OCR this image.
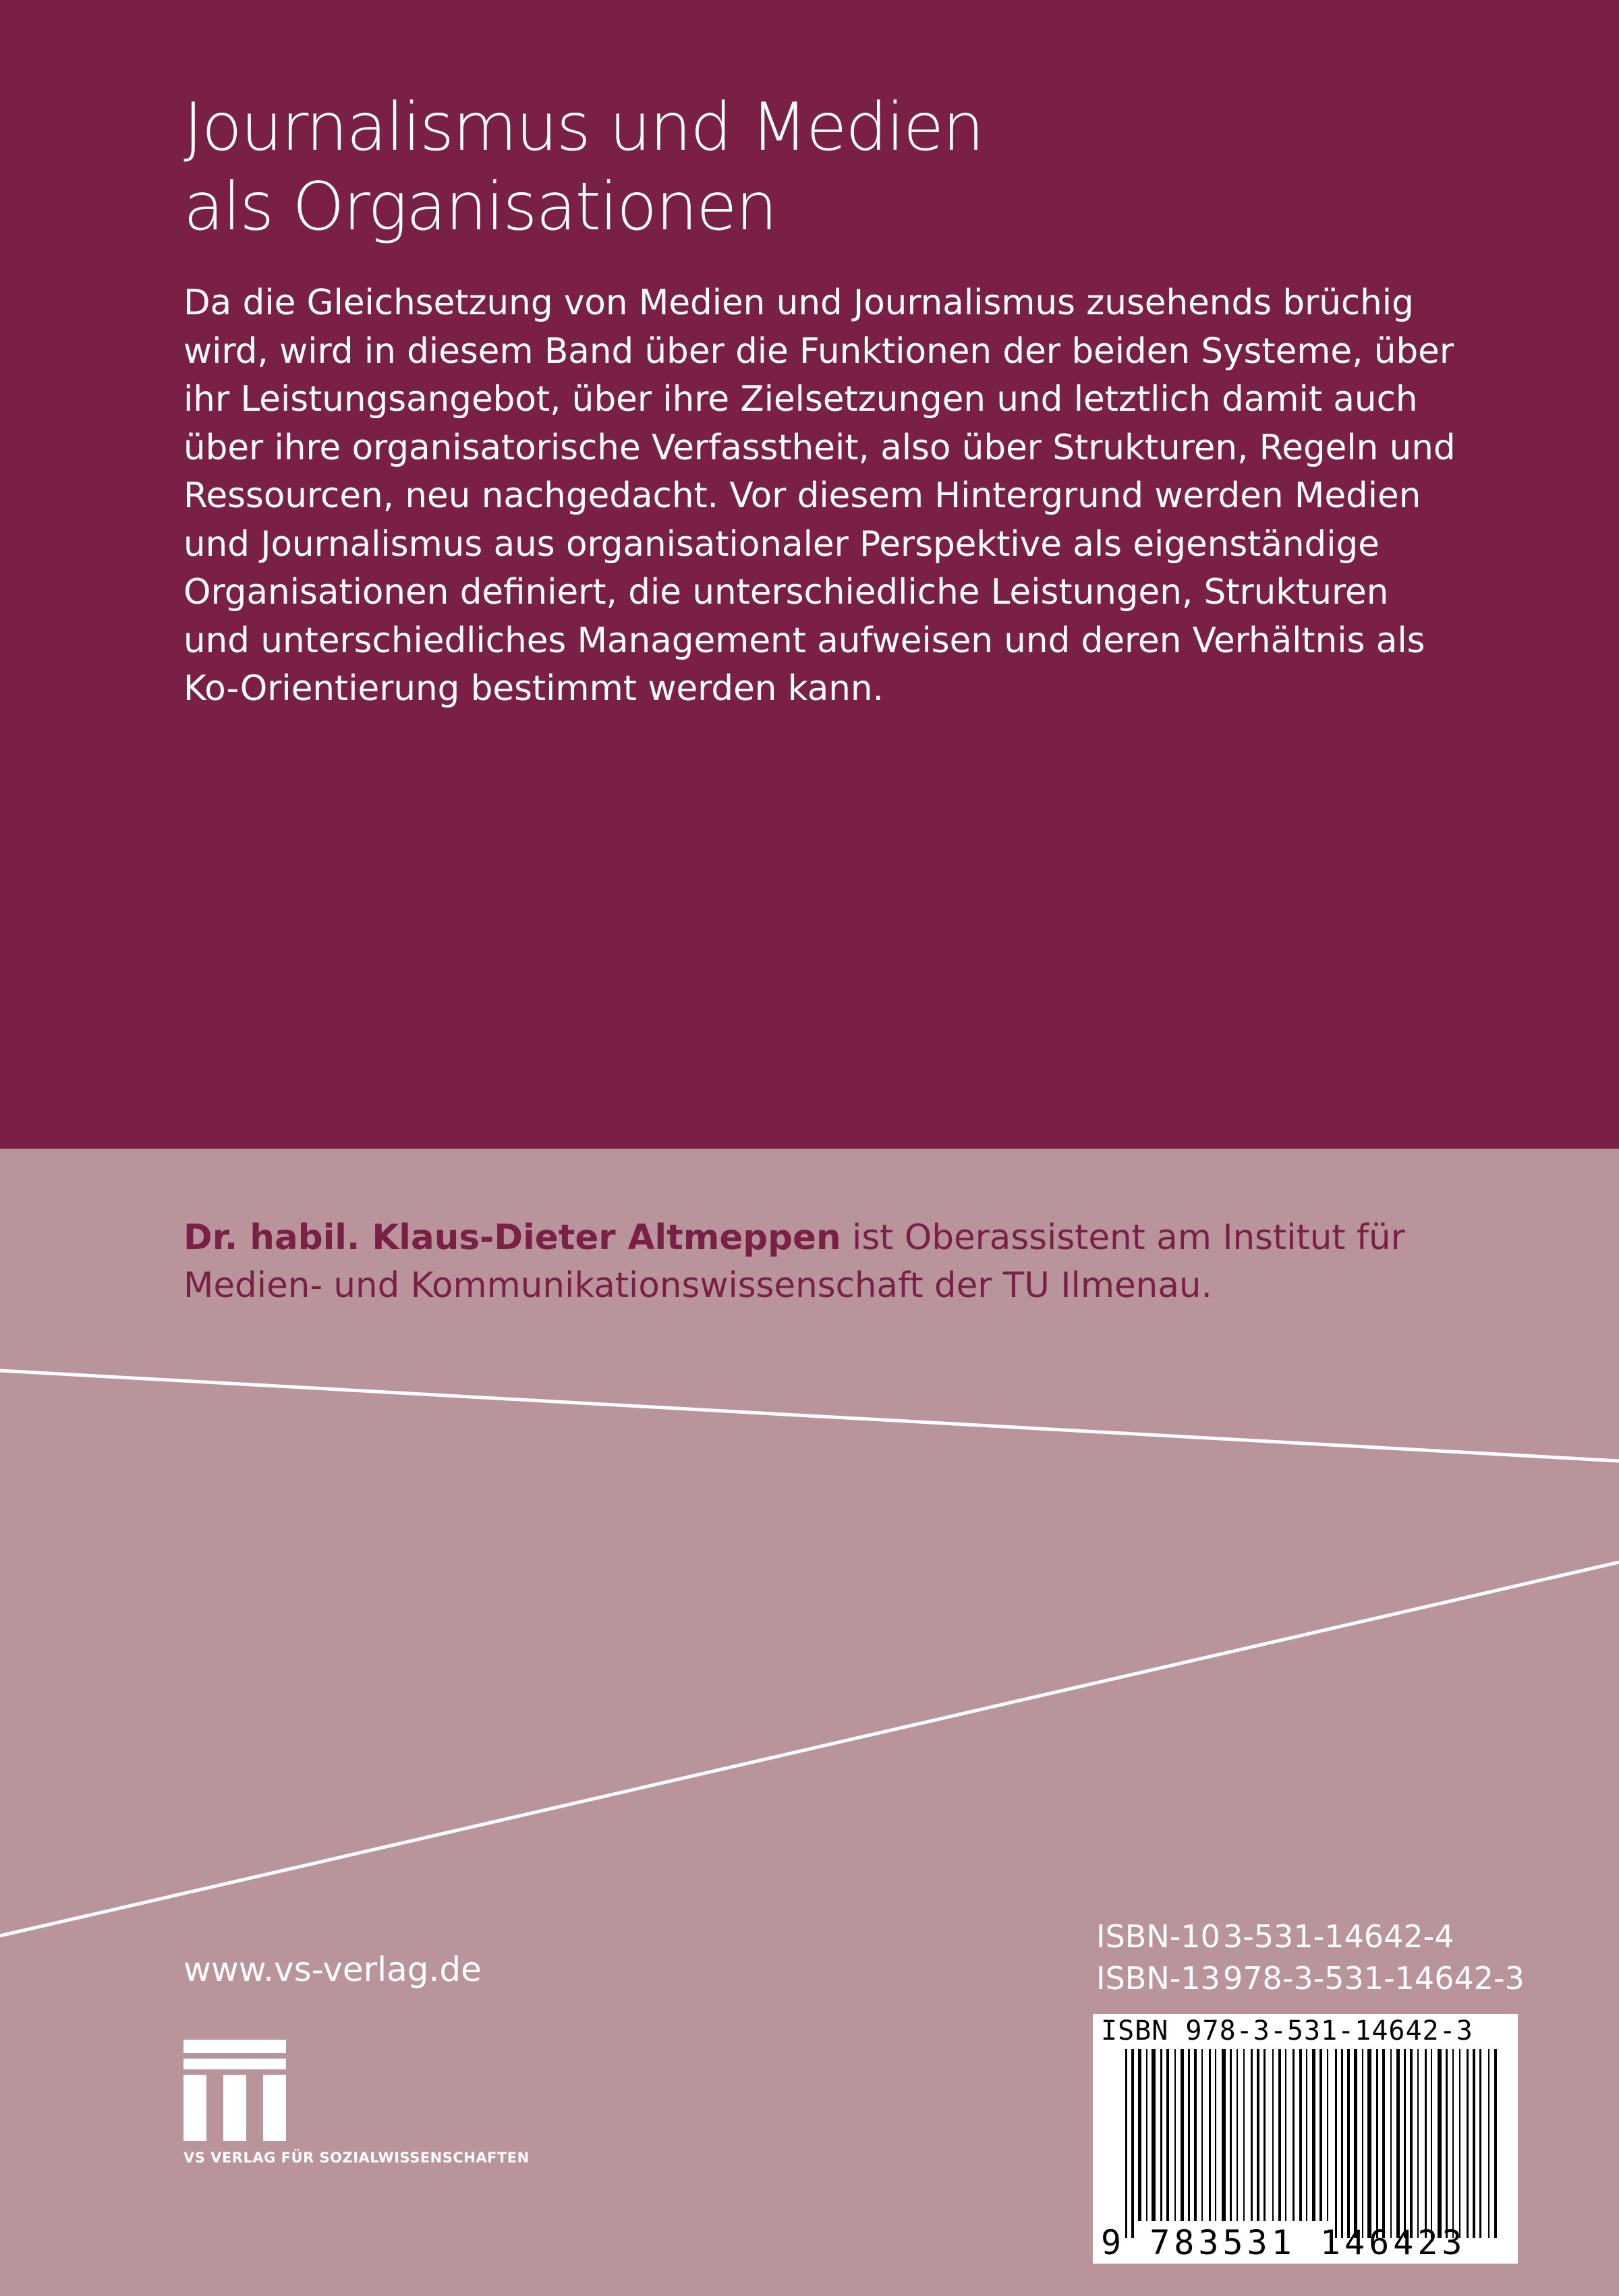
Journalismus und Medien
als Organisationen
Da die Gleichsetzung von Medien und Journalismus zusehends brüchig
wird, wird in diesem Band über die Funktionen der beiden Systeme, über
ihr Leistungsangebot, über ihre Zielsetzungen und letztlich damit auch
über ihre organisatorische Verfasstheit, also über Strukturen, Regeln und
Ressourcen, neu nachgedacht. Vor diesem Hintergrund werden Medien
und Journalismus aus organisationaler Perspektive als eigenständige
Organisationen definiert, die unterschiedliche Leistungen, Strukturen
und unterschiedliches Management aufweisen und deren Verhältnis als
Ko-Orientierung bestimmt werden kann.
Dr. habil. Klaus-Dieter Altmeppen ist Oberassistent am Institut für
Medien- und Kommunikationswissenschaft der TU Ilmenau.
www.vs-verlag.de
VS VERLAG FÜR SOZIALWISSENSCHAFTEN
ISBN-10 3-531-14642-4
ISBN-13 978-3-531-14642-3
ISBN 978-3-531-14642-3
9 783531 146423
